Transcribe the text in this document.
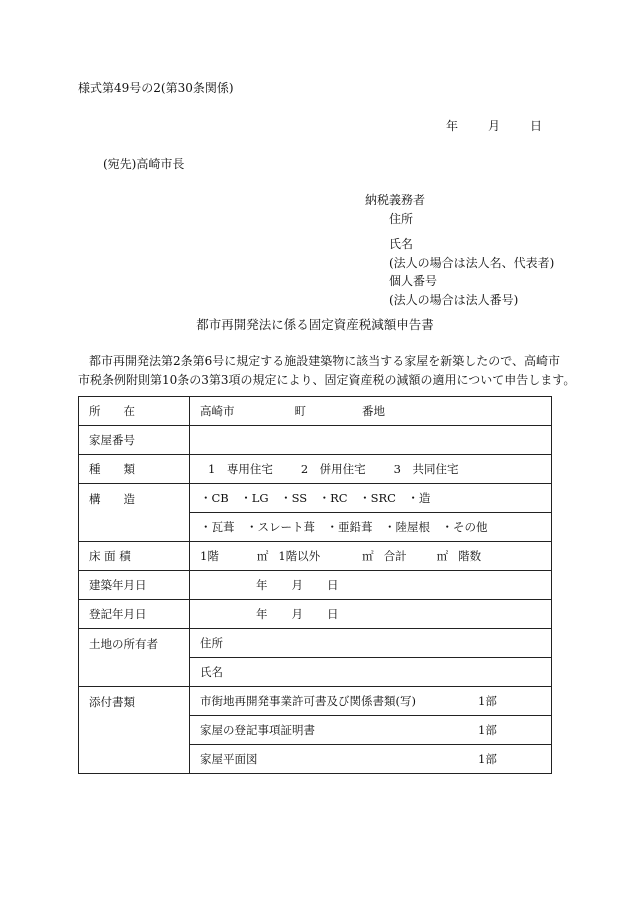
様式第49号の2(第30条関係)
年	月	日
(宛先)高崎市長
納税義務者
住所
氏名
(法人の場合は法人名、代表者)
個人番号
(法人の場合は法人番号)
都市再開発法に係る固定資産税減額申告書
都市再開発法第2条第6号に規定する施設建築物に該当する家屋を新築したので、高崎市
市税条例附則第10条の3第3項の規定により、固定資産税の減額の適用について申告します。
所　　在	高崎市 町 番地
家屋番号	
種　　類	1　専用住宅 2　併用住宅 3　共同住宅
構　　造	・CB　・LG　・SS　・RC　・SRC　・造
	・瓦葺　・スレート葺　・亜鉛葺　・陸屋根　・その他
床 面 積	1階 ㎡ 1階以外 ㎡ 合計 ㎡ 階数
建築年月日	年 月 日
登記年月日	年 月 日
土地の所有者	住所
	氏名
添付書類	市街地再開発事業許可書及び関係書類(写) 1部
	家屋の登記事項証明書 1部
	家屋平面図 1部
